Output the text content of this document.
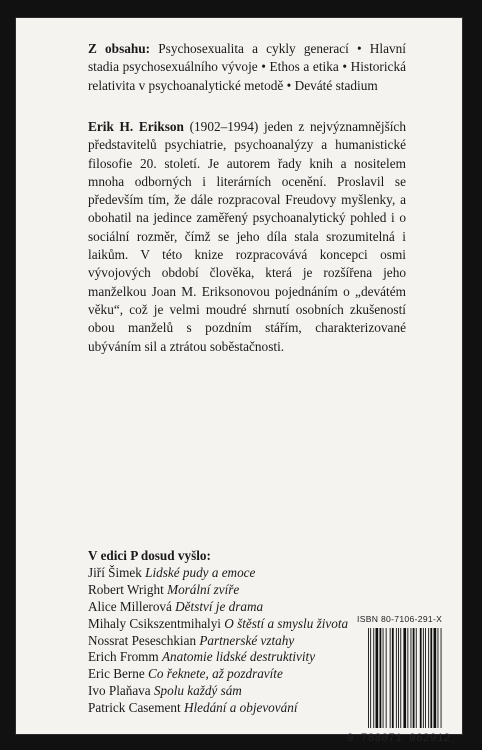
Z obsahu: Psychosexualita a cykly generací • Hlavní stadia psychosexuálního vývoje • Ethos a etika • Historická relativita v psychoanalytické metodě • Deváté stadium

Erik H. Erikson (1902–1994) jeden z nejvýznamnějších představitelů psychiatrie, psychoanalýzy a humanistické filosofie 20. století. Je autorem řady knih a nositelem mnoha odborných i literárních ocenění. Proslavil se především tím, že dále rozpracoval Freudovy myšlenky, a obohatil na jedince zaměřený psychoanalytický pohled i o sociální rozměr, čímž se jeho díla stala srozumitelná i laikům. V této knize rozpracovává koncepci osmi vývojových období člověka, která je rozšířena jeho manželkou Joan M. Eriksonovou pojednáním o „devátém věku“, což je velmi moudré shrnutí osobních zkušeností obou manželů s pozdním stářím, charakterizované ubýváním sil a ztrátou soběstačnosti.

V edici P dosud vyšlo:
Jiří Šimek Lidské pudy a emoce
Robert Wright Morální zvíře
Alice Millerová Dětství je drama
Mihaly Csikszentmihalyi O štěstí a smyslu života
Nossrat Peseschkian Partnerské vztahy
Erich Fromm Anatomie lidské destruktivity
Eric Berne Co řeknete, až pozdravíte
Ivo Plaňava Spolu každý sám
Patrick Casement Hledání a objevování
ISBN 80-7106-291-X
9 788071 062912
